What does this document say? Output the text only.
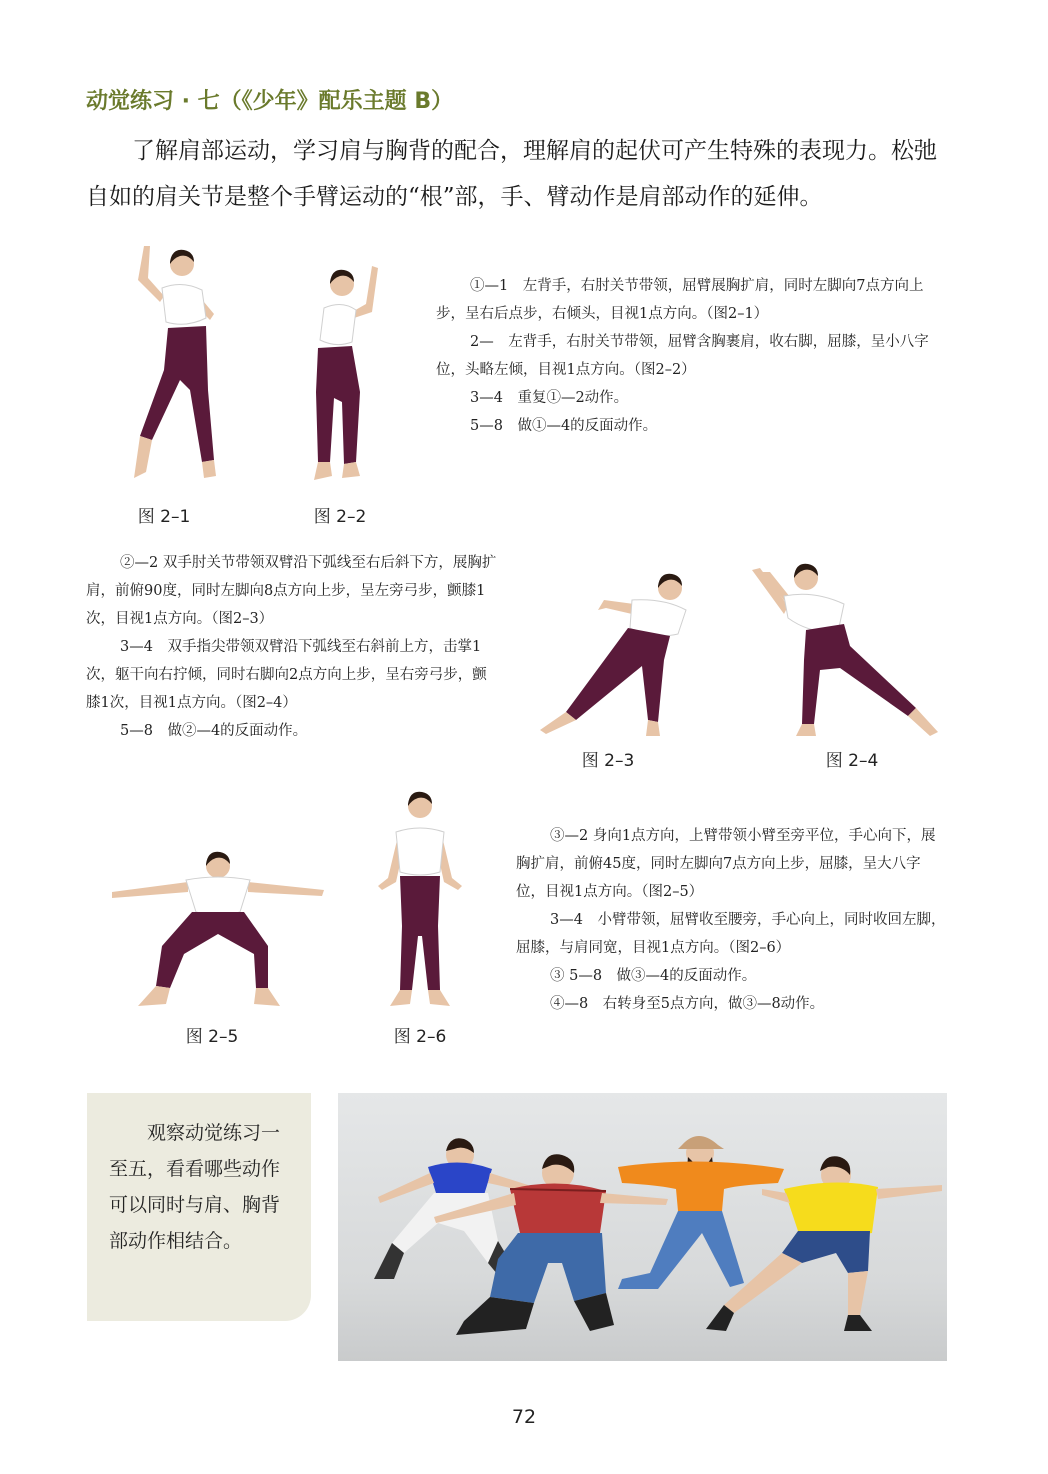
动觉练习 · 七（《少年》配乐主题 B）

了解肩部运动，学习肩与胸背的配合，理解肩的起伏可产生特殊的表现力。松弛自如的肩关节是整个手臂运动的“根”部，手、臂动作是肩部动作的延伸。

图 2–1	图 2–2

①—1　左背手，右肘关节带领，屈臂展胸扩肩，同时左脚向7点方向上步，呈右后点步，右倾头，目视1点方向。（图2–1）

2—　左背手，右肘关节带领，屈臂含胸裹肩，收右脚，屈膝，呈小八字位，头略左倾，目视1点方向。（图2–2）

3—4　重复①—2动作。

5—8　做①—4的反面动作。

②—2 双手肘关节带领双臂沿下弧线至右后斜下方，展胸扩肩，前俯90度，同时左脚向8点方向上步，呈左旁弓步，颤膝1次，目视1点方向。（图2–3）

3—4　双手指尖带领双臂沿下弧线至右斜前上方，击掌1次，躯干向右拧倾，同时右脚向2点方向上步，呈右旁弓步，颤膝1次，目视1点方向。（图2–4）

5—8　做②—4的反面动作。

图 2–3	图 2–4
图 2–5	图 2–6

③—2 身向1点方向，上臂带领小臂至旁平位，手心向下，展胸扩肩，前俯45度，同时左脚向7点方向上步，屈膝，呈大八字位，目视1点方向。（图2–5）

3—4　小臂带领，屈臂收至腰旁，手心向上，同时收回左脚，屈膝，与肩同宽，目视1点方向。（图2–6）

③ 5—8　做③—4的反面动作。

④—8　右转身至5点方向，做③—8动作。

观察动觉练习一至五，看看哪些动作可以同时与肩、胸背部动作相结合。

72
